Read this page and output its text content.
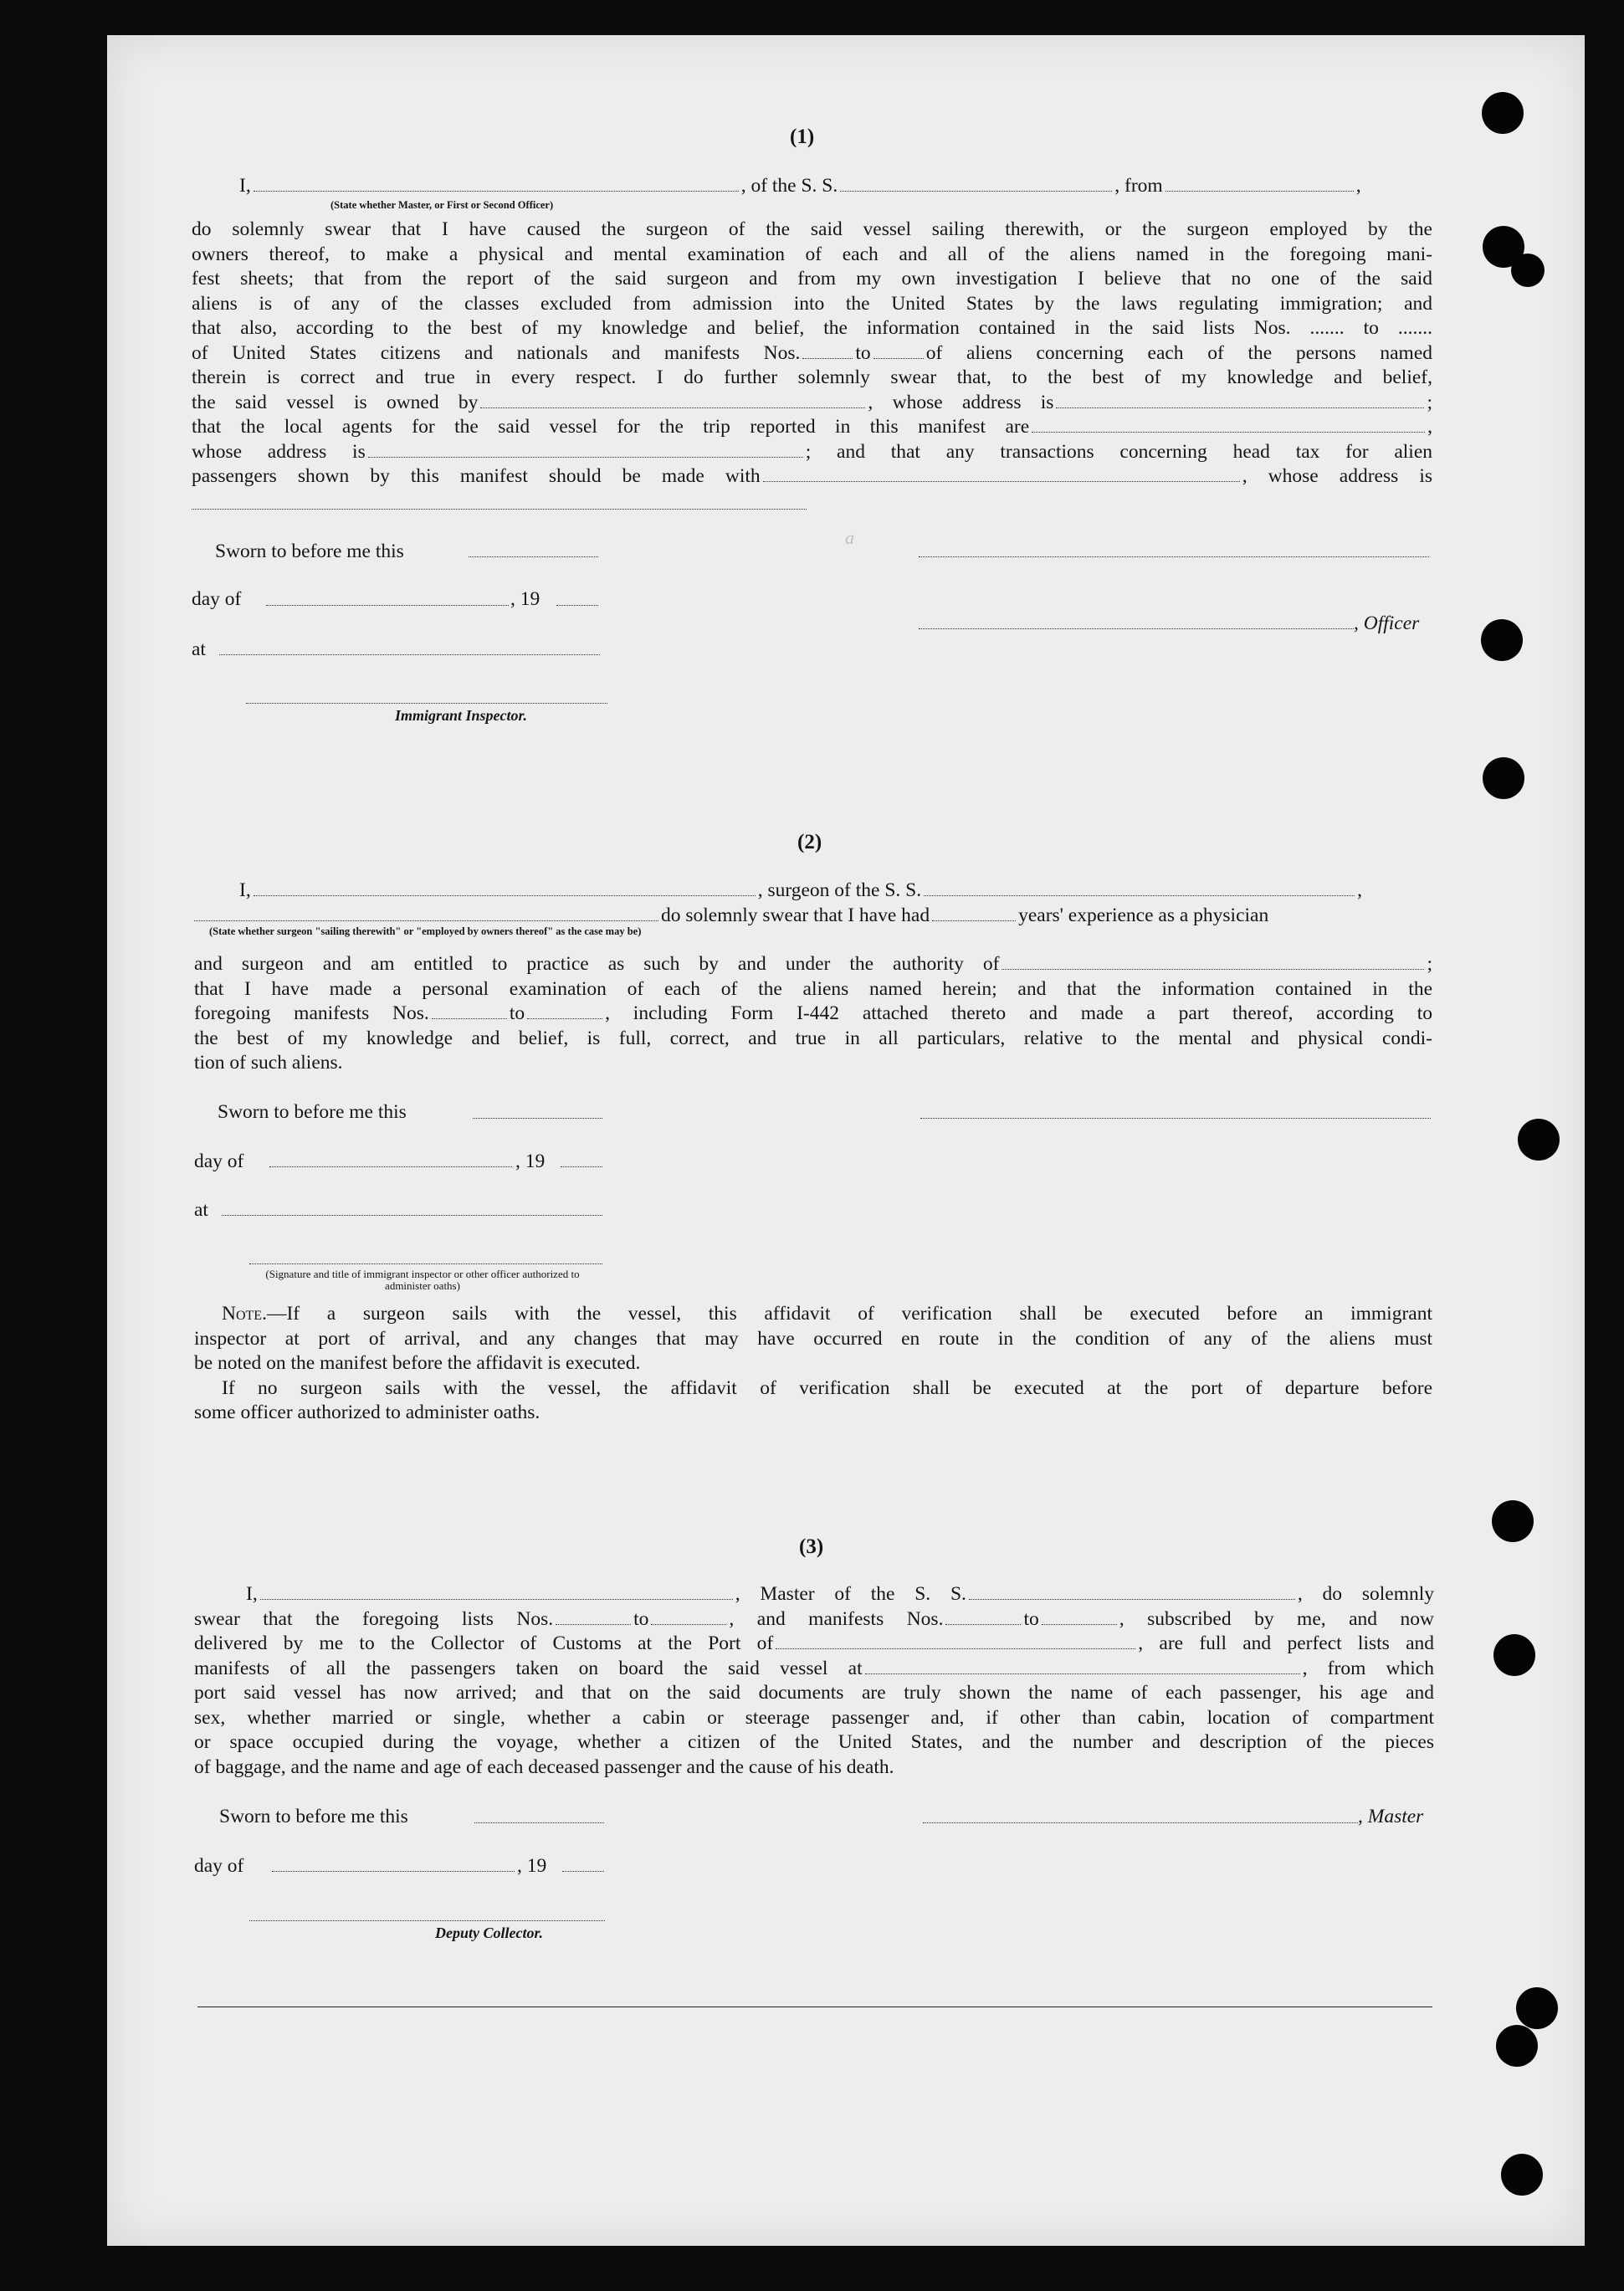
a
(1)
I,	, of the S. S.	, from	,
(State whether Master, or First or Second Officer)
do solemnly swear that I have caused the surgeon of the said vessel sailing therewith, or the surgeon employed by the
owners thereof, to make a physical and mental examination of each and all of the aliens named in the foregoing mani-
fest sheets; that from the report of the said surgeon and from my own investigation I believe that no one of the said
aliens is of any of the classes excluded from admission into the United States by the laws regulating immigration; and
that also, according to the best of my knowledge and belief, the information contained in the said lists Nos. ....... to .......
of United States citizens and nationals and manifests Nos.	to	of aliens concerning each of the persons named
therein is correct and true in every respect. I do further solemnly swear that, to the best of my knowledge and belief,
the said vessel is owned by	, whose address is	;
that the local agents for the said vessel for the trip reported in this manifest are	,
whose address is	; and that any transactions concerning head tax for alien
passengers shown by this manifest should be made with	, whose address is
Sworn to before me this
day of	, 19
, Officer
at
Immigrant Inspector.
(2)
I,	, surgeon of the S. S.	,
do solemnly swear that I have had	years' experience as a physician
(State whether surgeon "sailing therewith" or "employed by owners thereof" as the case may be)
and surgeon and am entitled to practice as such by and under the authority of	;
that I have made a personal examination of each of the aliens named herein; and that the information contained in the
foregoing manifests Nos.	to	, including Form I-442 attached thereto and made a part thereof, according to
the best of my knowledge and belief, is full, correct, and true in all particulars, relative to the mental and physical condi-
tion of such aliens.
Sworn to before me this
day of	, 19
at
(Signature and title of immigrant inspector or other officer authorized to administer oaths)
Note.—If a surgeon sails with the vessel, this affidavit of verification shall be executed before an immigrant
inspector at port of arrival, and any changes that may have occurred en route in the condition of any of the aliens must
be noted on the manifest before the affidavit is executed.
If no surgeon sails with the vessel, the affidavit of verification shall be executed at the port of departure before
some officer authorized to administer oaths.
(3)
I,	, Master of the S. S.	, do solemnly
swear that the foregoing lists Nos.	to	, and manifests Nos.	to	, subscribed by me, and now
delivered by me to the Collector of Customs at the Port of	, are full and perfect lists and
manifests of all the passengers taken on board the said vessel at	, from which
port said vessel has now arrived; and that on the said documents are truly shown the name of each passenger, his age and
sex, whether married or single, whether a cabin or steerage passenger and, if other than cabin, location of compartment
or space occupied during the voyage, whether a citizen of the United States, and the number and description of the pieces
of baggage, and the name and age of each deceased passenger and the cause of his death.
Sworn to before me this	, Master
day of	, 19
Deputy Collector.
